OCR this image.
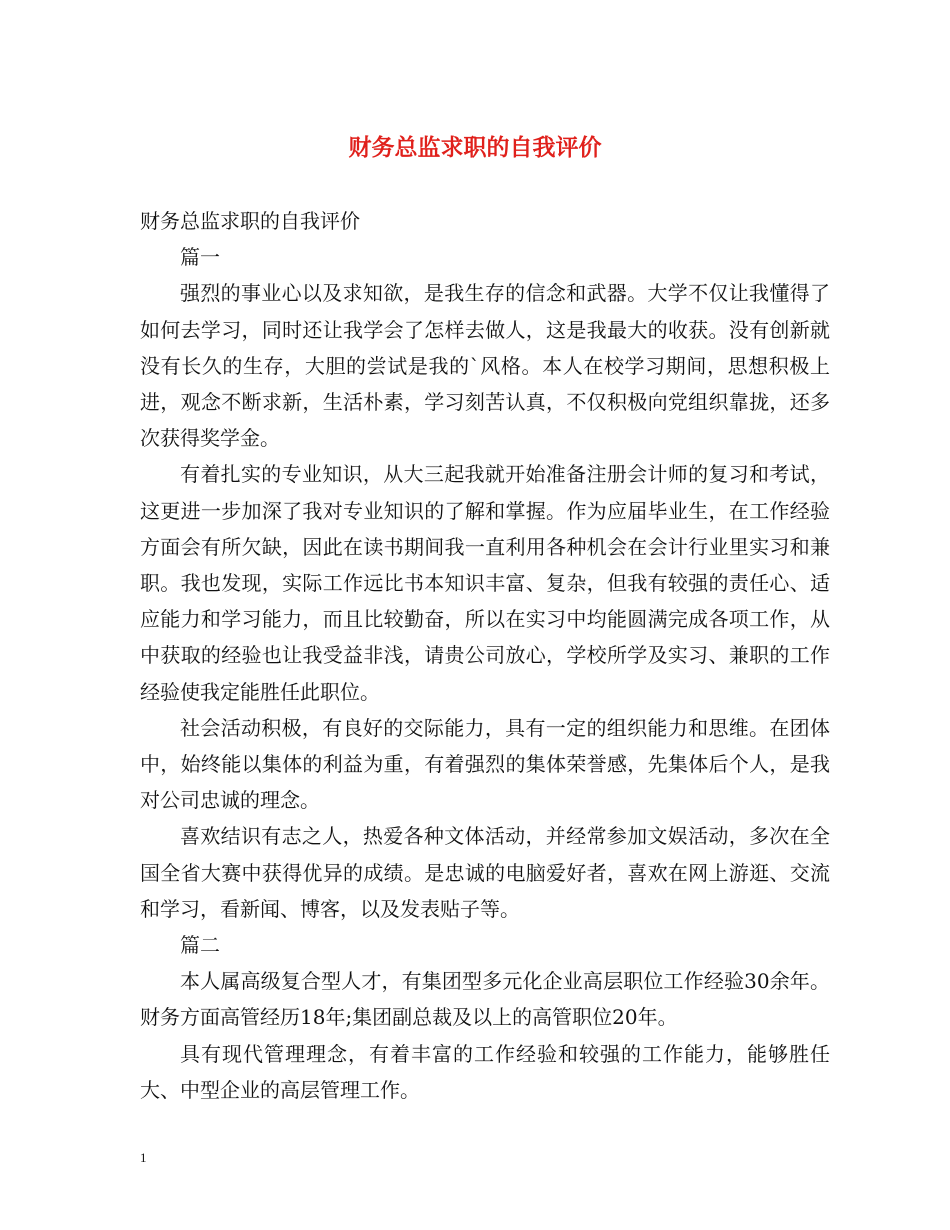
财务总监求职的自我评价

财务总监求职的自我评价

篇一

强烈的事业心以及求知欲，是我生存的信念和武器。大学不仅让我懂得了如何去学习，同时还让我学会了怎样去做人，这是我最大的收获。没有创新就没有长久的生存，大胆的尝试是我的`风格。本人在校学习期间，思想积极上进，观念不断求新，生活朴素，学习刻苦认真，不仅积极向党组织靠拢，还多次获得奖学金。

有着扎实的专业知识，从大三起我就开始准备注册会计师的复习和考试，这更进一步加深了我对专业知识的了解和掌握。作为应届毕业生，在工作经验方面会有所欠缺，因此在读书期间我一直利用各种机会在会计行业里实习和兼职。我也发现，实际工作远比书本知识丰富、复杂，但我有较强的责任心、适应能力和学习能力，而且比较勤奋，所以在实习中均能圆满完成各项工作，从中获取的经验也让我受益非浅，请贵公司放心，学校所学及实习、兼职的工作经验使我定能胜任此职位。

社会活动积极，有良好的交际能力，具有一定的组织能力和思维。在团体中，始终能以集体的利益为重，有着强烈的集体荣誉感，先集体后个人，是我对公司忠诚的理念。

喜欢结识有志之人，热爱各种文体活动，并经常参加文娱活动，多次在全国全省大赛中获得优异的成绩。是忠诚的电脑爱好者，喜欢在网上游逛、交流和学习，看新闻、博客，以及发表贴子等。

篇二

本人属高级复合型人才，有集团型多元化企业高层职位工作经验30余年。财务方面高管经历18年;集团副总裁及以上的高管职位20年。

具有现代管理理念，有着丰富的工作经验和较强的工作能力，能够胜任大、中型企业的高层管理工作。

1
